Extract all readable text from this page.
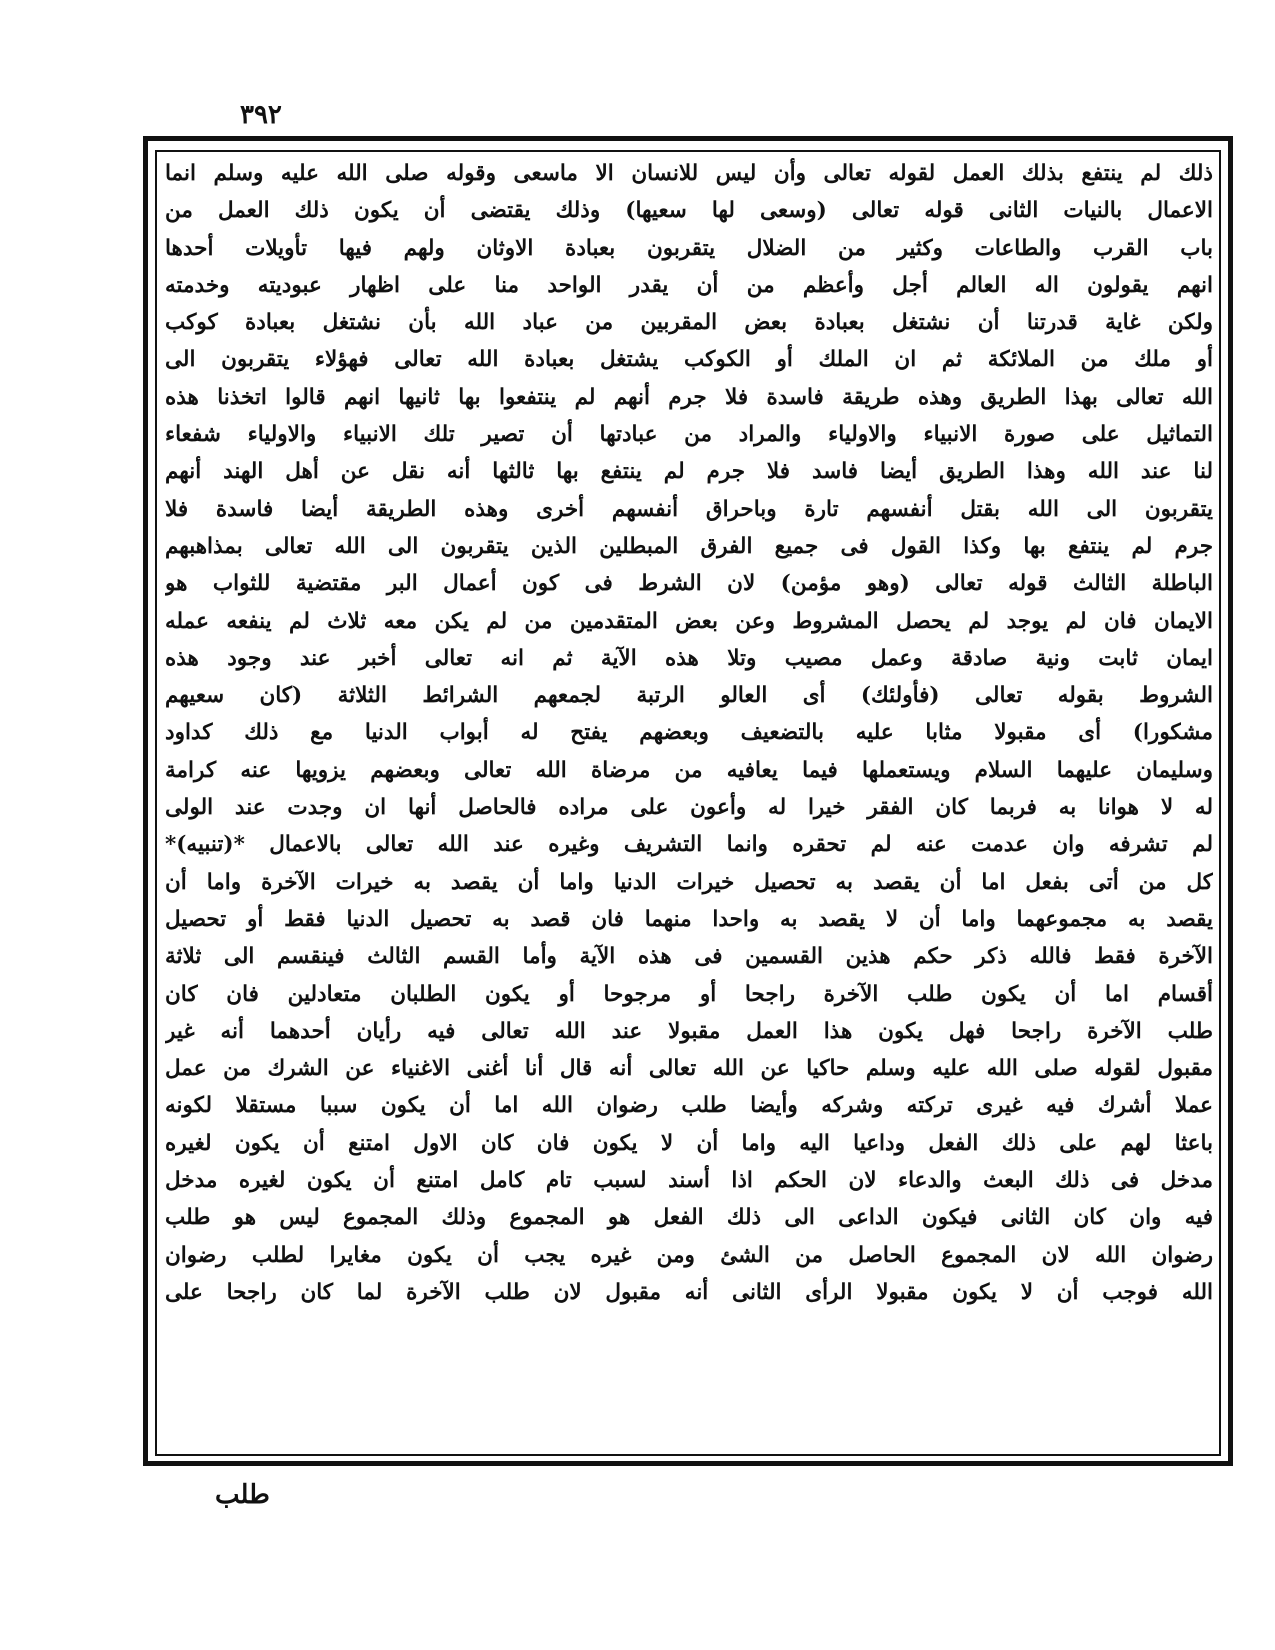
٣٩٢
ذلك لم ينتفع بذلك العمل لقوله تعالى وأن ليس للانسان الا ماسعى وقوله صلى الله عليه وسلم انما
الاعمال بالنيات الثانى قوله تعالى (وسعى لها سعيها) وذلك يقتضى أن يكون ذلك العمل من
باب القرب والطاعات وكثير من الضلال يتقربون بعبادة الاوثان ولهم فيها تأويلات أحدها
انهم يقولون اله العالم أجل وأعظم من أن يقدر الواحد منا على اظهار عبوديته وخدمته
ولكن غاية قدرتنا أن نشتغل بعبادة بعض المقربين من عباد الله بأن نشتغل بعبادة كوكب
أو ملك من الملائكة ثم ان الملك أو الكوكب يشتغل بعبادة الله تعالى فهؤلاء يتقربون الى
الله تعالى بهذا الطريق وهذه طريقة فاسدة فلا جرم أنهم لم ينتفعوا بها ثانيها انهم قالوا اتخذنا هذه
التماثيل على صورة الانبياء والاولياء والمراد من عبادتها أن تصير تلك الانبياء والاولياء شفعاء
لنا عند الله وهذا الطريق أيضا فاسد فلا جرم لم ينتفع بها ثالثها أنه نقل عن أهل الهند أنهم
يتقربون الى الله بقتل أنفسهم تارة وباحراق أنفسهم أخرى وهذه الطريقة أيضا فاسدة فلا
جرم لم ينتفع بها وكذا القول فى جميع الفرق المبطلين الذين يتقربون الى الله تعالى بمذاهبهم
الباطلة الثالث قوله تعالى (وهو مؤمن) لان الشرط فى كون أعمال البر مقتضية للثواب هو
الايمان فان لم يوجد لم يحصل المشروط وعن بعض المتقدمين من لم يكن معه ثلاث لم ينفعه عمله
ايمان ثابت ونية صادقة وعمل مصيب وتلا هذه الآية ثم انه تعالى أخبر عند وجود هذه
الشروط بقوله تعالى (فأولئك) أى العالو الرتبة لجمعهم الشرائط الثلاثة (كان سعيهم
مشكورا) أى مقبولا مثابا عليه بالتضعيف وبعضهم يفتح له أبواب الدنيا مع ذلك كداود
وسليمان عليهما السلام ويستعملها فيما يعافيه من مرضاة الله تعالى وبعضهم يزويها عنه كرامة
له لا هوانا به فربما كان الفقر خيرا له وأعون على مراده فالحاصل أنها ان وجدت عند الولى
لم تشرفه وان عدمت عنه لم تحقره وانما التشريف وغيره عند الله تعالى بالاعمال *(تنبيه)*
كل من أتى بفعل اما أن يقصد به تحصيل خيرات الدنيا واما أن يقصد به خيرات الآخرة واما أن
يقصد به مجموعهما واما أن لا يقصد به واحدا منهما فان قصد به تحصيل الدنيا فقط أو تحصيل
الآخرة فقط فالله ذكر حكم هذين القسمين فى هذه الآية وأما القسم الثالث فينقسم الى ثلاثة
أقسام اما أن يكون طلب الآخرة راجحا أو مرجوحا أو يكون الطلبان متعادلين فان كان
طلب الآخرة راجحا فهل يكون هذا العمل مقبولا عند الله تعالى فيه رأيان أحدهما أنه غير
مقبول لقوله صلى الله عليه وسلم حاكيا عن الله تعالى أنه قال أنا أغنى الاغنياء عن الشرك من عمل
عملا أشرك فيه غيرى تركته وشركه وأيضا طلب رضوان الله اما أن يكون سببا مستقلا لكونه
باعثا لهم على ذلك الفعل وداعيا اليه واما أن لا يكون فان كان الاول امتنع أن يكون لغيره
مدخل فى ذلك البعث والدعاء لان الحكم اذا أسند لسبب تام كامل امتنع أن يكون لغيره مدخل
فيه وان كان الثانى فيكون الداعى الى ذلك الفعل هو المجموع وذلك المجموع ليس هو طلب
رضوان الله لان المجموع الحاصل من الشئ ومن غيره يجب أن يكون مغايرا لطلب رضوان
الله فوجب أن لا يكون مقبولا الرأى الثانى أنه مقبول لان طلب الآخرة لما كان راجحا على
طلب
